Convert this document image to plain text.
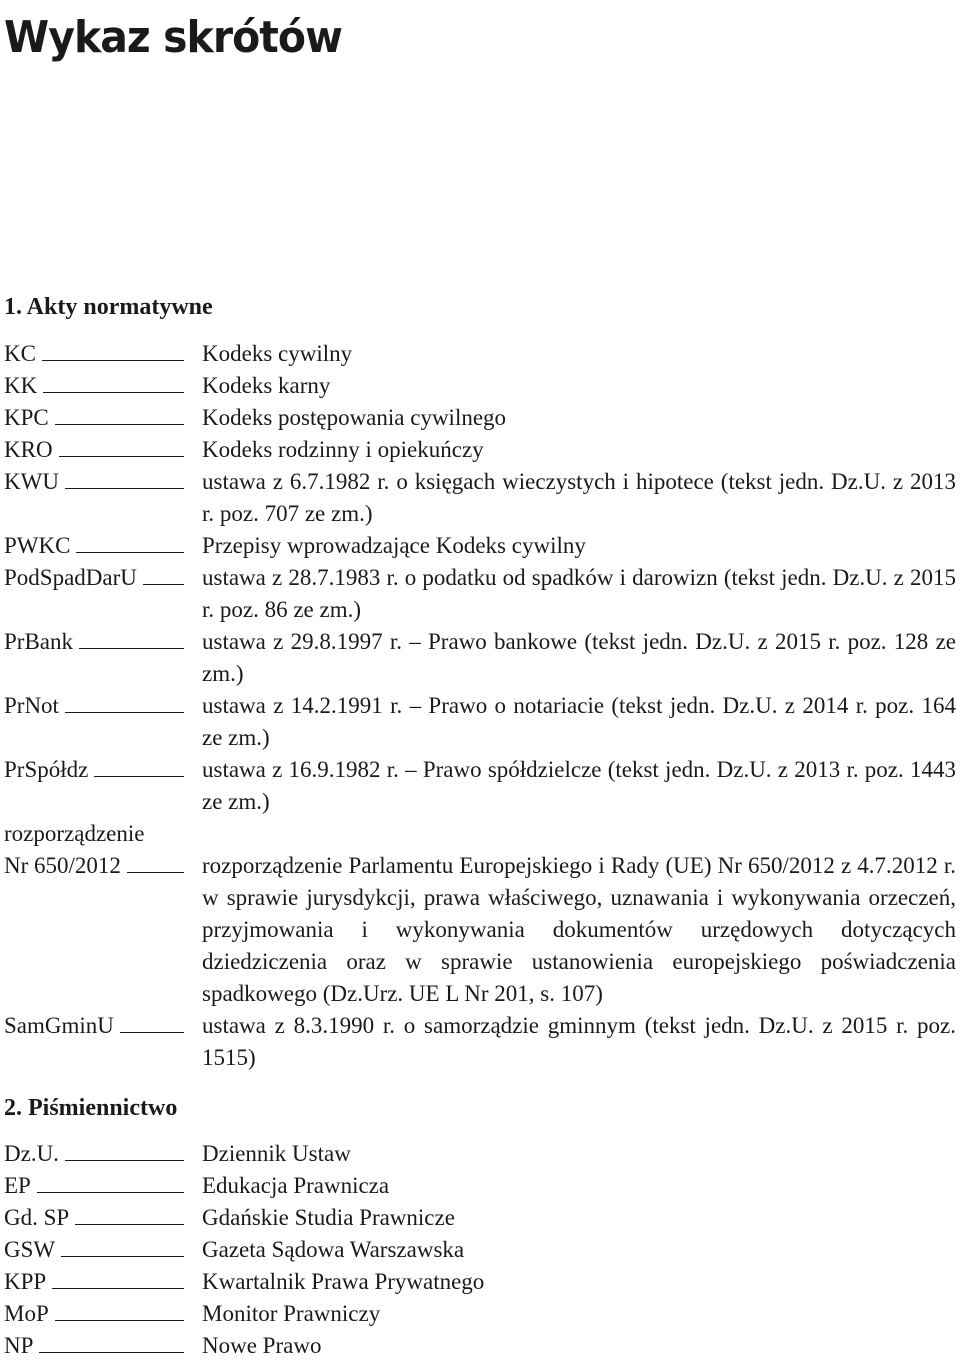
Wykaz skrótów
1. Akty normatywne
KC	Kodeks cywilny
KK	Kodeks karny
KPC	Kodeks postępowania cywilnego
KRO	Kodeks rodzinny i opiekuńczy
KWU	ustawa z 6.7.1982 r. o księgach wieczystych i hipotece (tekst jedn. Dz.U. z 2013 r. poz. 707 ze zm.)
PWKC	Przepisy wprowadzające Kodeks cywilny
PodSpadDarU	ustawa z 28.7.1983 r. o podatku od spadków i darowizn (tekst jedn. Dz.U. z 2015 r. poz. 86 ze zm.)
PrBank	ustawa z 29.8.1997 r. – Prawo bankowe (tekst jedn. Dz.U. z 2015 r. poz. 128 ze zm.)
PrNot	ustawa z 14.2.1991 r. – Prawo o notariacie (tekst jedn. Dz.U. z 2014 r. poz. 164 ze zm.)
PrSpółdz	ustawa z 16.9.1982 r. – Prawo spółdzielcze (tekst jedn. Dz.U. z 2013 r. poz. 1443 ze zm.)
rozporządzenie
Nr 650/2012	rozporządzenie Parlamentu Europejskiego i Rady (UE) Nr 650/2012 z 4.7.2012 r. w sprawie jurysdykcji, prawa właściwego, uznawania i wykonywania orzeczeń, przyjmowania i wykonywania dokumentów urzędowych dotyczących dziedziczenia oraz w sprawie ustanowienia europejskiego poświadczenia spadkowego (Dz.Urz. UE L Nr 201, s. 107)
SamGminU	ustawa z 8.3.1990 r. o samorządzie gminnym (tekst jedn. Dz.U. z 2015 r. poz. 1515)
2. Piśmiennictwo
Dz.U.	Dziennik Ustaw
EP	Edukacja Prawnicza
Gd. SP	Gdańskie Studia Prawnicze
GSW	Gazeta Sądowa Warszawska
KPP	Kwartalnik Prawa Prywatnego
MoP	Monitor Prawniczy
NP	Nowe Prawo
